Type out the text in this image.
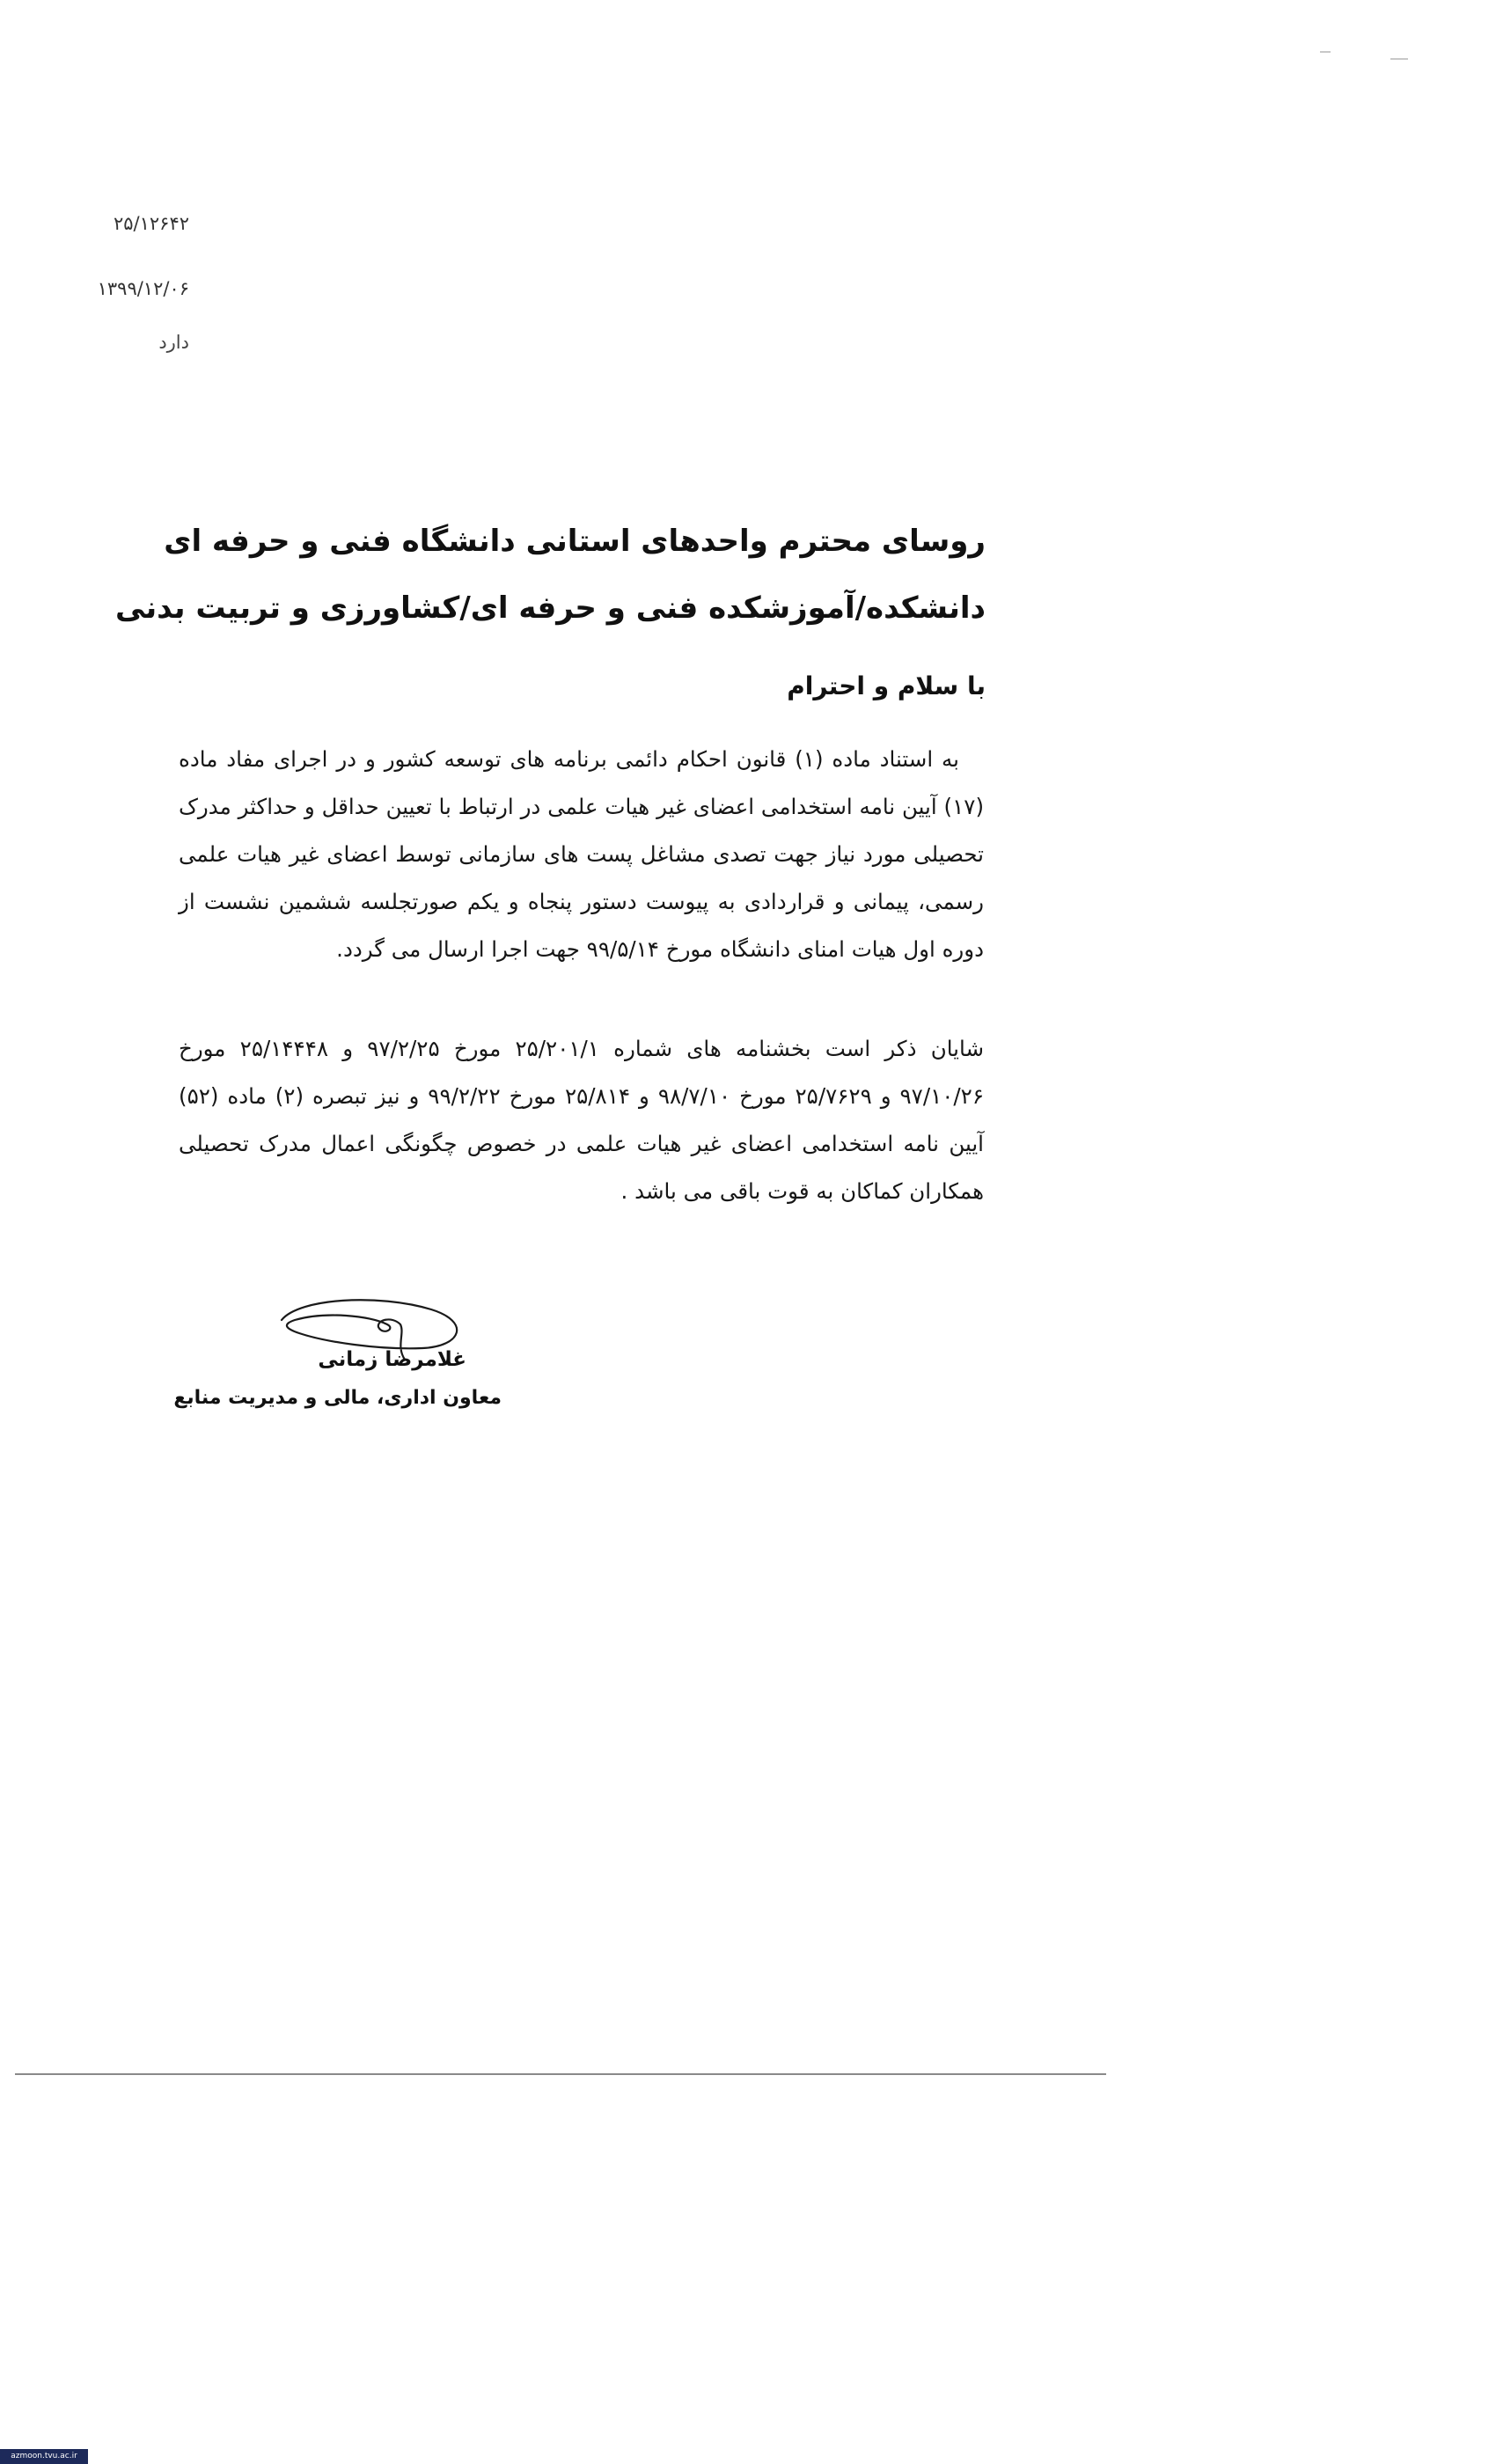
۲۵/۱۲۶۴۲
۱۳۹۹/۱۲/۰۶
دارد
روسای محترم واحدهای استانی دانشگاه فنی و حرفه ای
دانشکده/آموزشکده فنی و حرفه ای/کشاورزی و تربیت بدنی
با سلام و احترام
به استناد ماده (۱) قانون احکام دائمی برنامه های توسعه کشور و در اجرای مفاد ماده (۱۷) آیین نامه استخدامی اعضای غیر هیات علمی در ارتباط با تعیین حداقل و حداکثر مدرک تحصیلی مورد نیاز جهت تصدی مشاغل پست های سازمانی توسط اعضای غیر هیات علمی رسمی، پیمانی و قراردادی به پیوست دستور پنجاه و یکم صورتجلسه ششمین نشست از دوره اول هیات امنای دانشگاه مورخ ۹۹/۵/۱۴ جهت اجرا ارسال می گردد.
شایان ذکر است بخشنامه های شماره ۲۵/۲۰۱/۱ مورخ ۹۷/۲/۲۵ و ۲۵/۱۴۴۴۸ مورخ ۹۷/۱۰/۲۶ و ۲۵/۷۶۲۹ مورخ ۹۸/۷/۱۰ و ۲۵/۸۱۴ مورخ ۹۹/۲/۲۲ و نیز تبصره (۲) ماده (۵۲) آیین نامه استخدامی اعضای غیر هیات علمی در خصوص چگونگی اعمال مدرک تحصیلی همکاران کماکان به قوت باقی می باشد .
غلامرضا زمانی
معاون اداری، مالی و مدیریت منابع
azmoon.tvu.ac.ir
